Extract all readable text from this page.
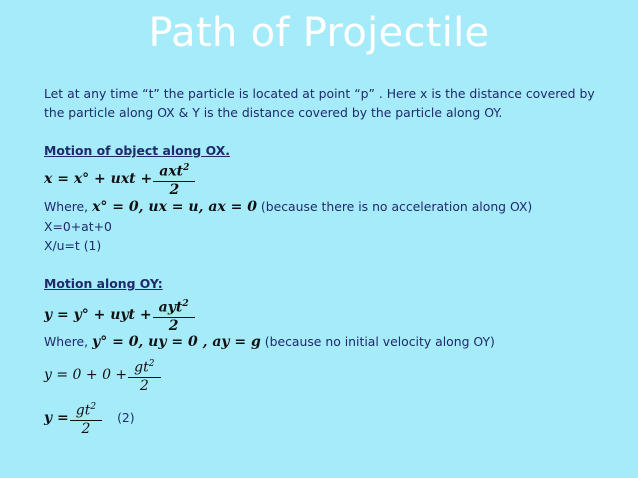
Path of Projectile
Let at any time “t” the particle is located at point “p” . Here x is the distance covered by the particle along OX & Y is the distance covered by the particle along OY.
Motion of object along OX.
x = x° + uxt + $\frac{axt^2}{2}$
Where, x° = 0, ux = u, ax = 0 (because there is no acceleration along OX)
X=0+at+0
X/u=t (1)
Motion along OY:
y = y° + uyt + $\frac{ayt^2}{2}$
Where, y° = 0, uy = 0 , ay = g (because no initial velocity along OY)
$y = 0 + 0 + \frac{gt^2}{2}$
$y = \frac{gt^2}{2} (2)$
